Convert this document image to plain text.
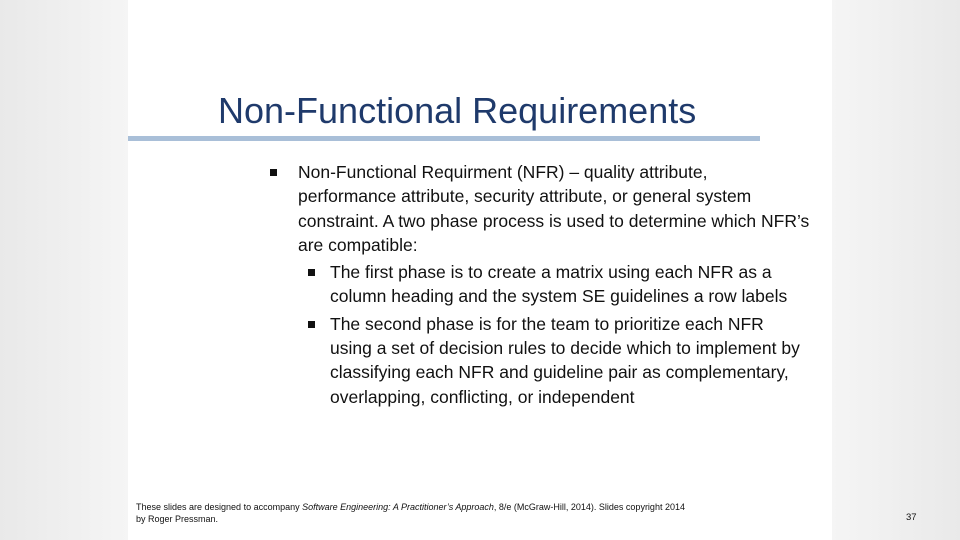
Non-Functional Requirements
Non-Functional Requirment (NFR) – quality attribute, performance attribute, security attribute, or general system constraint. A two phase process is used to determine which NFR’s are compatible:
The first phase is to create a matrix using each NFR as a column heading and the system SE guidelines a row labels
The second phase is for the team to prioritize each NFR using a set of decision rules to decide which to implement by classifying each NFR and guideline pair as complementary, overlapping, conflicting, or independent
These slides are designed to accompany Software Engineering: A Practitioner’s Approach, 8/e (McGraw-Hill, 2014). Slides copyright 2014 by Roger Pressman.	37
